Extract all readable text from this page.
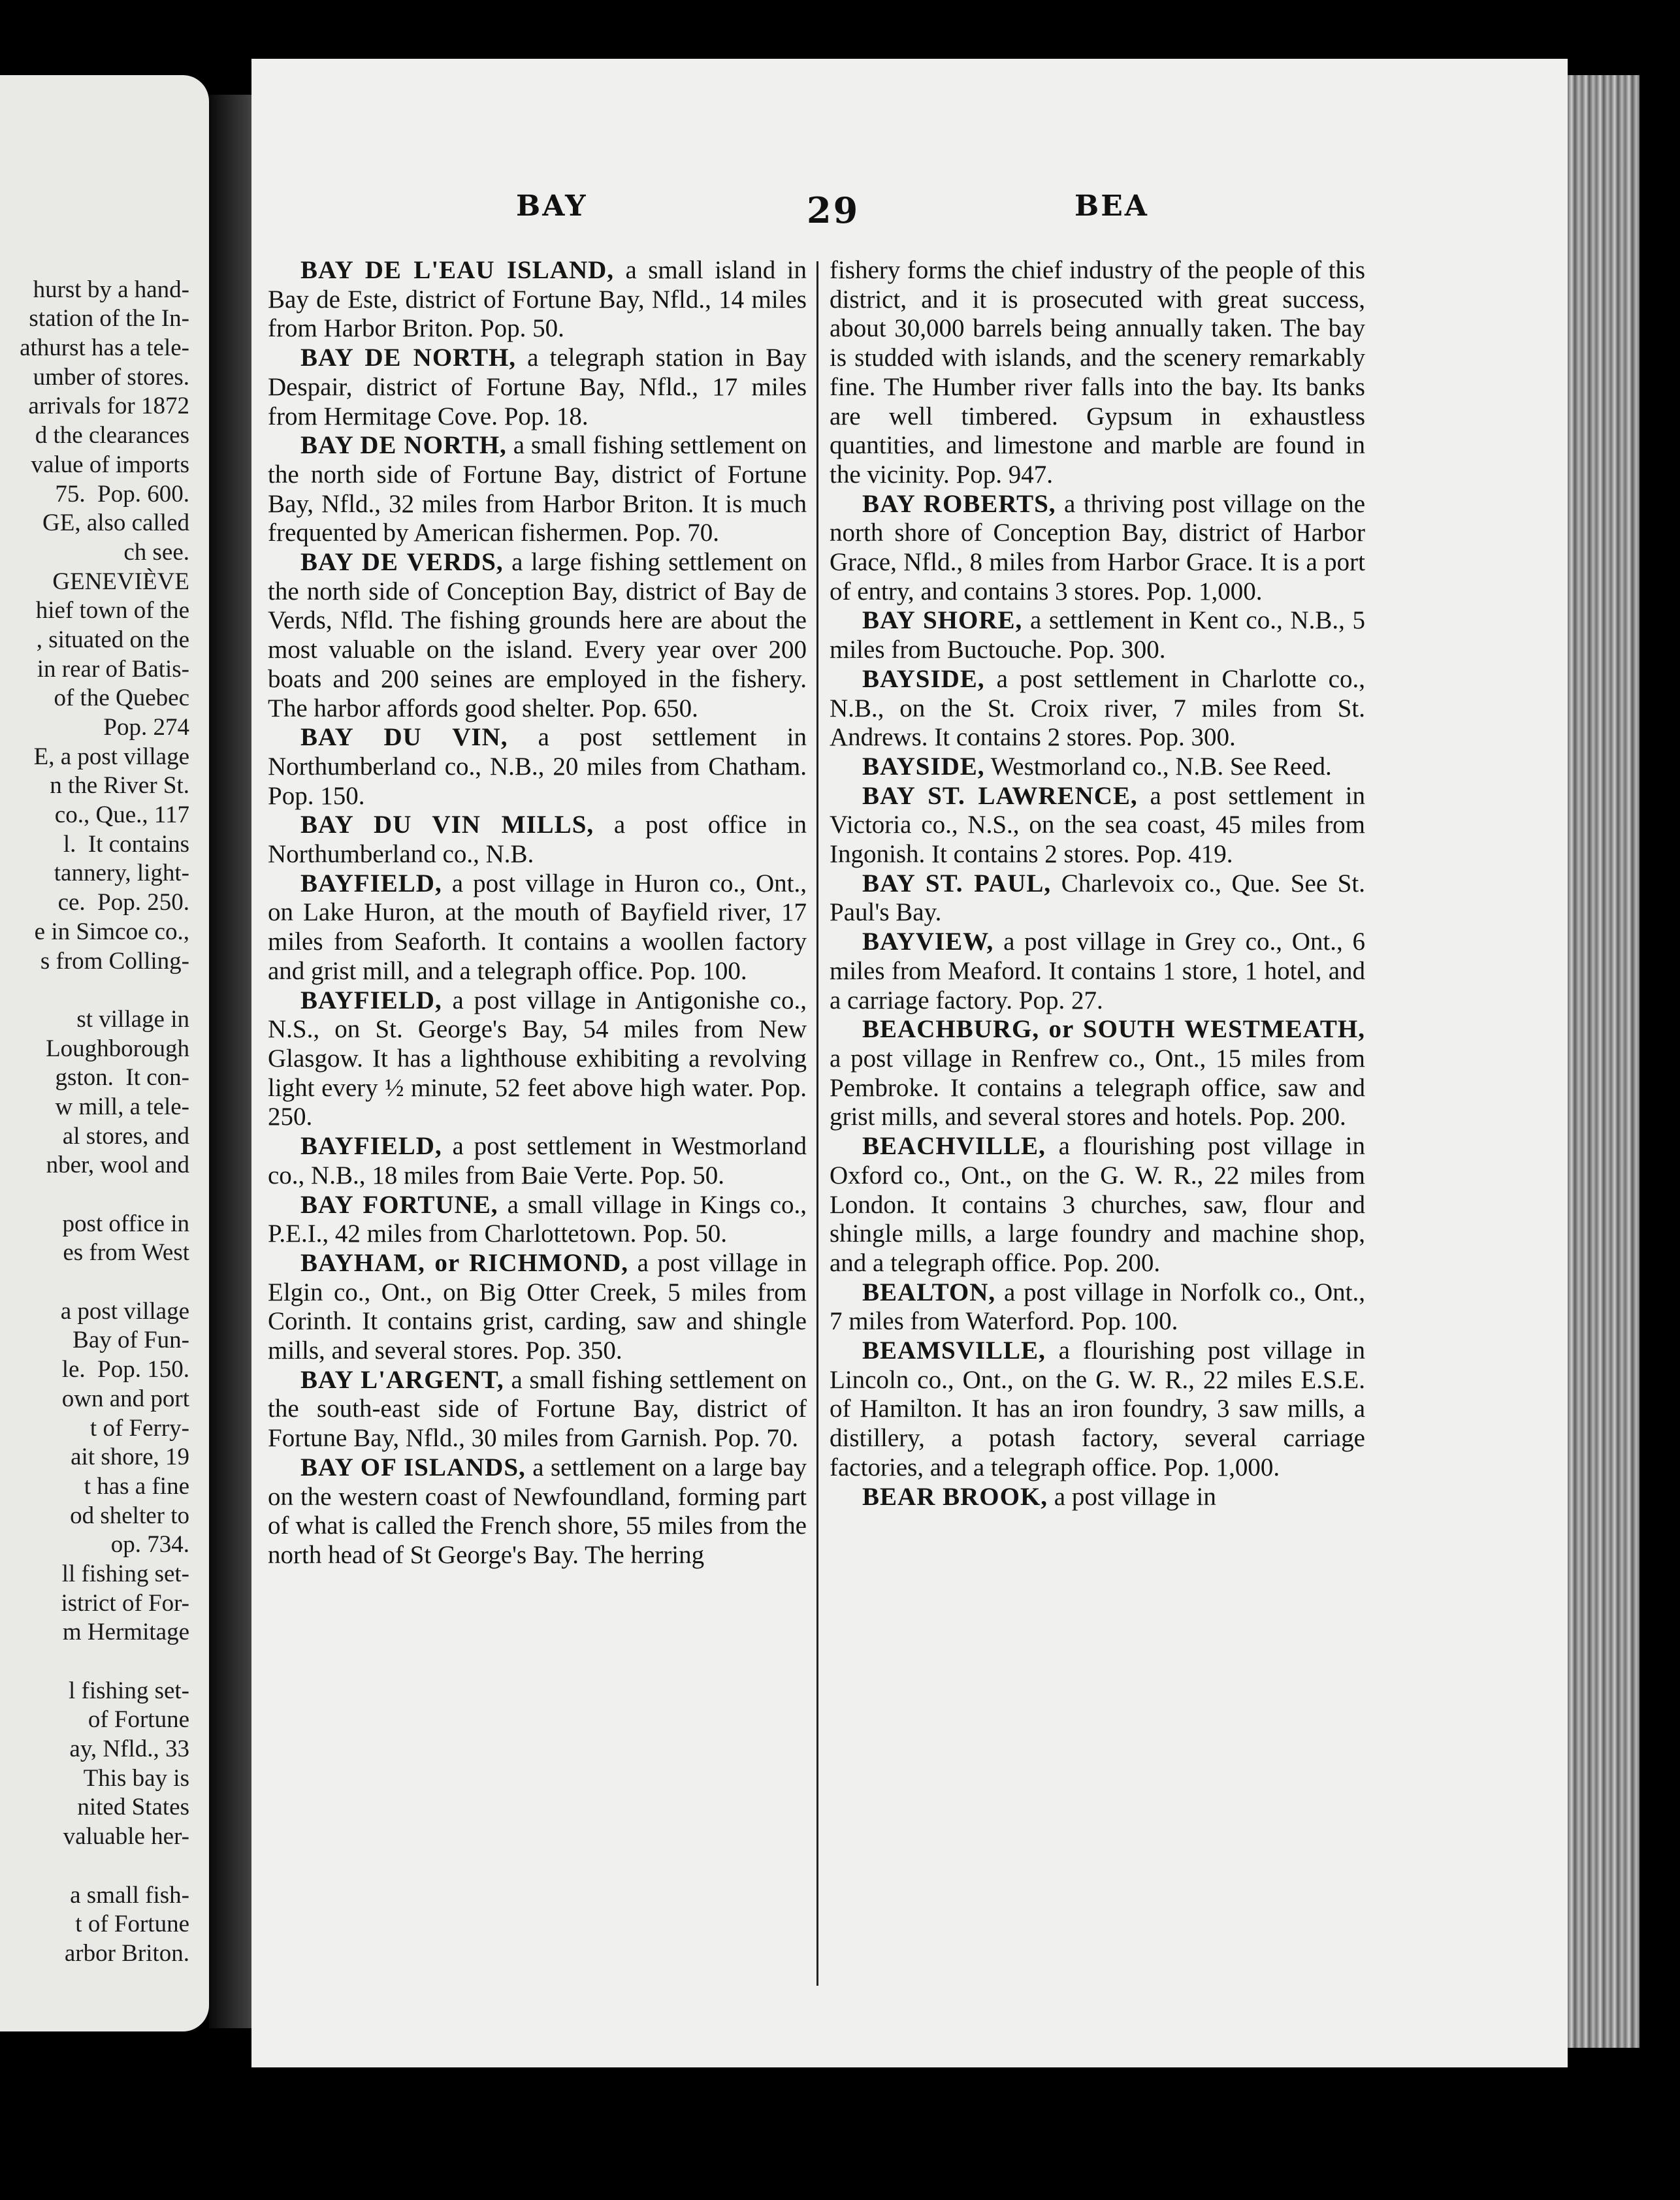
hurst by a hand-
station of the In-
athurst has a tele-
umber of stores.
arrivals for 1872
d the clearances
value of imports
75.  Pop. 600.
GE, also called
ch see.
GENEVIÈVE
hief town of the
, situated on the
in rear of Batis-
of the Quebec
Pop. 274
E, a post village
n the River St.
co., Que., 117
l.  It contains
tannery, light-
ce.  Pop. 250.
e in Simcoe co.,
s from Colling-
st village in
Loughborough
gston.  It con-
w mill, a tele-
al stores, and
nber, wool and
post office in
es from West
a post village
Bay of Fun-
le.  Pop. 150.
own and port
t of Ferry-
ait shore, 19
t has a fine
od shelter to
op. 734.
ll fishing set-
istrict of For-
m Hermitage
l fishing set-
of Fortune
ay, Nfld., 33
This bay is
nited States
valuable her-
a small fish-
t of Fortune
arbor Briton.
BAY	29	BEA

BAY DE L'EAU ISLAND, a small island in Bay de Este, district of Fortune Bay, Nfld., 14 miles from Harbor Briton. Pop. 50.

BAY DE NORTH, a telegraph station in Bay Despair, district of Fortune Bay, Nfld., 17 miles from Hermitage Cove. Pop. 18.

BAY DE NORTH, a small fishing settlement on the north side of Fortune Bay, district of Fortune Bay, Nfld., 32 miles from Harbor Briton. It is much frequented by American fishermen. Pop. 70.

BAY DE VERDS, a large fishing settlement on the north side of Conception Bay, district of Bay de Verds, Nfld. The fishing grounds here are about the most valuable on the island. Every year over 200 boats and 200 seines are employed in the fishery. The harbor affords good shelter. Pop. 650.

BAY DU VIN, a post settlement in Northumberland co., N.B., 20 miles from Chatham. Pop. 150.

BAY DU VIN MILLS, a post office in Northumberland co., N.B.

BAYFIELD, a post village in Huron co., Ont., on Lake Huron, at the mouth of Bayfield river, 17 miles from Seaforth. It contains a woollen factory and grist mill, and a telegraph office. Pop. 100.

BAYFIELD, a post village in Antigonishe co., N.S., on St. George's Bay, 54 miles from New Glasgow. It has a lighthouse exhibiting a revolving light every ½ minute, 52 feet above high water. Pop. 250.

BAYFIELD, a post settlement in Westmorland co., N.B., 18 miles from Baie Verte. Pop. 50.

BAY FORTUNE, a small village in Kings co., P.E.I., 42 miles from Charlottetown. Pop. 50.

BAYHAM, or RICHMOND, a post village in Elgin co., Ont., on Big Otter Creek, 5 miles from Corinth. It contains grist, carding, saw and shingle mills, and several stores. Pop. 350.

BAY L'ARGENT, a small fishing settlement on the south-east side of Fortune Bay, district of Fortune Bay, Nfld., 30 miles from Garnish. Pop. 70.

BAY OF ISLANDS, a settlement on a large bay on the western coast of Newfoundland, forming part of what is called the French shore, 55 miles from the north head of St George's Bay. The herring

fishery forms the chief industry of the people of this district, and it is prosecuted with great success, about 30,000 barrels being annually taken. The bay is studded with islands, and the scenery remarkably fine. The Humber river falls into the bay. Its banks are well timbered. Gypsum in exhaustless quantities, and limestone and marble are found in the vicinity. Pop. 947.

BAY ROBERTS, a thriving post village on the north shore of Conception Bay, district of Harbor Grace, Nfld., 8 miles from Harbor Grace. It is a port of entry, and contains 3 stores. Pop. 1,000.

BAY SHORE, a settlement in Kent co., N.B., 5 miles from Buctouche. Pop. 300.

BAYSIDE, a post settlement in Charlotte co., N.B., on the St. Croix river, 7 miles from St. Andrews. It contains 2 stores. Pop. 300.

BAYSIDE, Westmorland co., N.B. See Reed.

BAY ST. LAWRENCE, a post settlement in Victoria co., N.S., on the sea coast, 45 miles from Ingonish. It contains 2 stores. Pop. 419.

BAY ST. PAUL, Charlevoix co., Que. See St. Paul's Bay.

BAYVIEW, a post village in Grey co., Ont., 6 miles from Meaford. It contains 1 store, 1 hotel, and a carriage factory. Pop. 27.

BEACHBURG, or SOUTH WESTMEATH, a post village in Renfrew co., Ont., 15 miles from Pembroke. It contains a telegraph office, saw and grist mills, and several stores and hotels. Pop. 200.

BEACHVILLE, a flourishing post village in Oxford co., Ont., on the G. W. R., 22 miles from London. It contains 3 churches, saw, flour and shingle mills, a large foundry and machine shop, and a telegraph office. Pop. 200.

BEALTON, a post village in Norfolk co., Ont., 7 miles from Waterford. Pop. 100.

BEAMSVILLE, a flourishing post village in Lincoln co., Ont., on the G. W. R., 22 miles E.S.E. of Hamilton. It has an iron foundry, 3 saw mills, a distillery, a potash factory, several carriage factories, and a telegraph office. Pop. 1,000.

BEAR BROOK, a post village in
